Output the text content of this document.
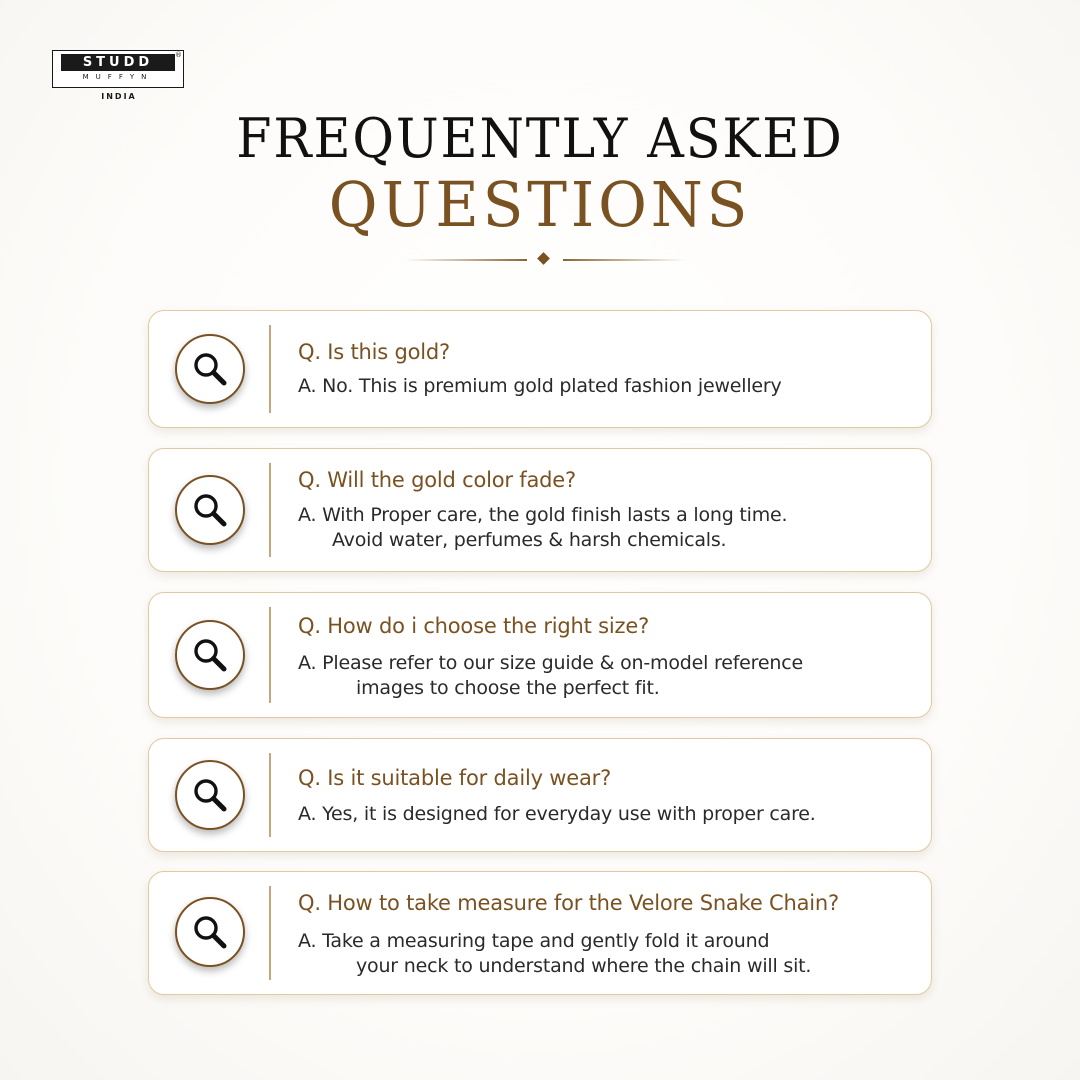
STUDD	®
MUFFYN
INDIA
FREQUENTLY ASKED
QUESTIONS
Q. Is this gold?
A. No. This is premium gold plated fashion jewellery
Q. Will the gold color fade?
A. With Proper care, the gold finish lasts a long time.
Avoid water, perfumes & harsh chemicals.
Q. How do i choose the right size?
A. Please refer to our size guide & on-model reference
images to choose the perfect fit.
Q. Is it suitable for daily wear?
A. Yes, it is designed for everyday use with proper care.
Q. How to take measure for the Velore Snake Chain?
A. Take a measuring tape and gently fold it around
your neck to understand where the chain will sit.
